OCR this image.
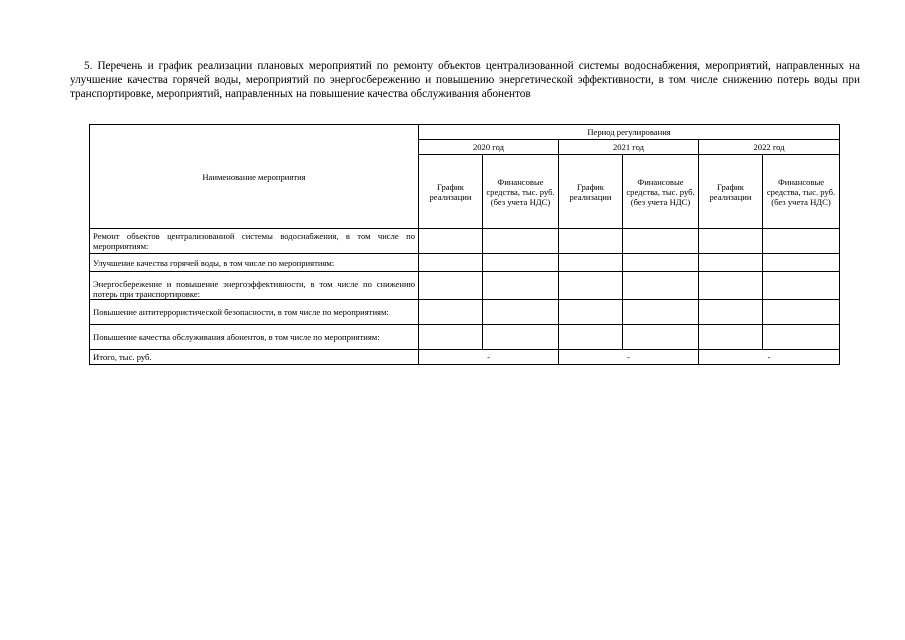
5. Перечень и график реализации плановых мероприятий по ремонту объектов централизованной системы водоснабжения, мероприятий, направленных на улучшение качества горячей воды, мероприятий по энергосбережению и повышению энергетической эффективности, в том числе снижению потерь воды при транспортировке, мероприятий, направленных на повышение качества обслуживания абонентов
Наименование мероприятия	Период регулирования					
	2020 год		2021 год		2022 год	
	График реализации	Финансовые средства, тыс. руб. (без учета НДС)	График реализации	Финансовые средства, тыс. руб. (без учета НДС)	График реализации	Финансовые средства, тыс. руб. (без учета НДС)
Ремонт объектов централизованной системы водоснабжения, в том числе по мероприятиям:						
Улучшение качества горячей воды, в том числе по мероприятиям:						
Энергосбережение и повышение энергоэффективности, в том числе по снижению потерь при транспортировке:						
Повышение антитеррористической безопасности, в том числе по мероприятиям:						
Повышение качества обслуживания абонентов, в том числе по мероприятиям:						
Итого, тыс. руб.	-		-		-	
